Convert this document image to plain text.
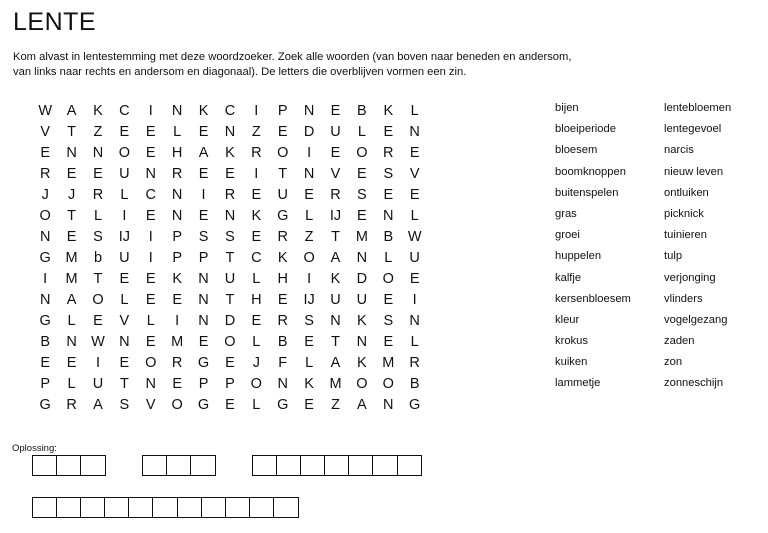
LENTE
Kom alvast in lentestemming met deze woordzoeker. Zoek alle woorden (van boven naar beneden en andersom,
van links naar rechts en andersom en diagonaal). De letters die overblijven vormen een zin.
W	A	K	C	I	N	K	C	I	P	N	E	B	K	L
V	T	Z	E	E	L	E	N	Z	E	D	U	L	E	N
E	N	N	O	E	H	A	K	R	O	I	E	O	R	E
R	E	E	U	N	R	E	E	I	T	N	V	E	S	V
J	J	R	L	C	N	I	R	E	U	E	R	S	E	E
O	T	L	I	E	N	E	N	K	G	L	IJ	E	N	L
N	E	S	IJ	I	P	S	S	E	R	Z	T	M	B	W
G	M	b	U	I	P	P	T	C	K	O	A	N	L	U
I	M	T	E	E	K	N	U	L	H	I	K	D	O	E
N	A	O	L	E	E	N	T	H	E	IJ	U	U	E	I
G	L	E	V	L	I	N	D	E	R	S	N	K	S	N
B	N W N	E	M	E	O	L	B	E	T	N	E	L
E	E	I	E	O	R	G	E	J	F	L	A	K	M	R
P	L	U	T	N	E	P	P	O	N	K	M	O	O	B
G	R	A	S	V	O	G	E	L	G	E	Z	A	N	G
bijen
bloeiperiode
bloesem
boomknoppen
buitenspelen
gras
groei
huppelen
kalfje
kersenbloesem
kleur
krokus
kuiken
lammetje
lentebloemen
lentegevoel
narcis
nieuw leven
ontluiken
picknick
tuinieren
tulp
verjonging
vlinders
vogelgezang
zaden
zon
zonneschijn
Oplossing:
